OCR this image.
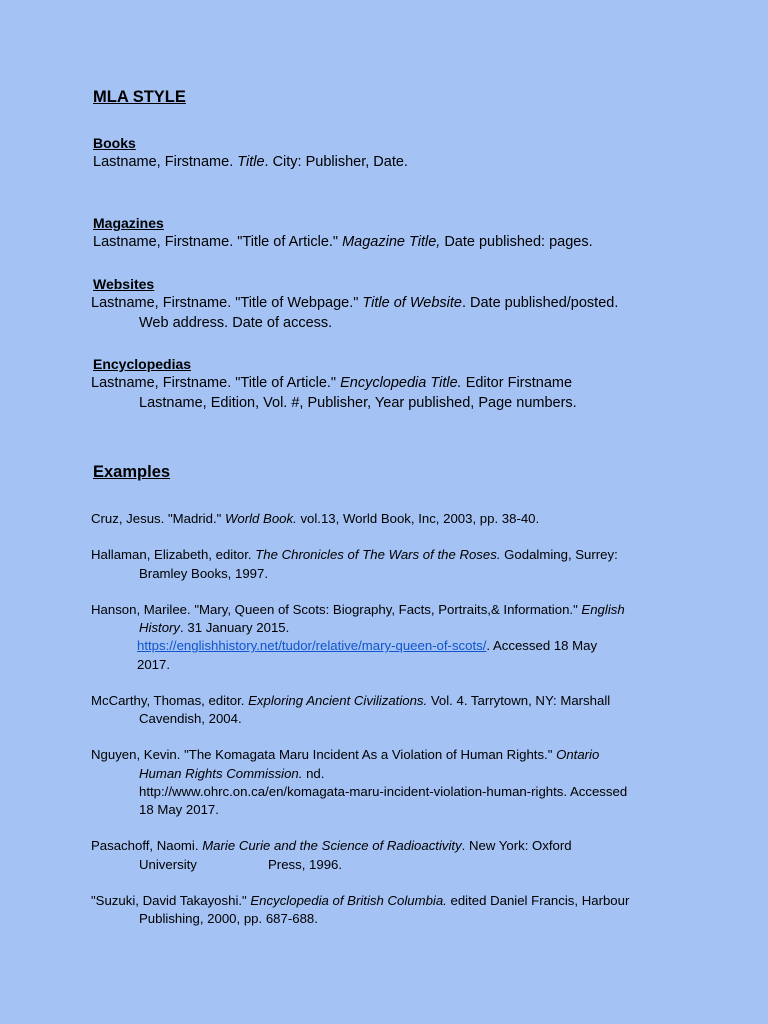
MLA STYLE
Books
Lastname, Firstname. Title. City: Publisher, Date.
Magazines
Lastname, Firstname. "Title of Article." Magazine Title, Date published: pages.
Websites
Lastname, Firstname. "Title of Webpage." Title of Website. Date published/posted.
Web address. Date of access.
Encyclopedias
Lastname, Firstname. "Title of Article." Encyclopedia Title. Editor Firstname
Lastname, Edition, Vol. #, Publisher, Year published, Page numbers.
Examples
Cruz, Jesus. "Madrid." World Book. vol.13, World Book, Inc, 2003, pp. 38-40.
Hallaman, Elizabeth, editor. The Chronicles of The Wars of the Roses. Godalming, Surrey:
Bramley Books, 1997.
Hanson, Marilee. "Mary, Queen of Scots: Biography, Facts, Portraits,& Information." English
History. 31 January 2015.
https://englishhistory.net/tudor/relative/mary-queen-of-scots/. Accessed 18 May
2017.
McCarthy, Thomas, editor. Exploring Ancient Civilizations. Vol. 4. Tarrytown, NY: Marshall
Cavendish, 2004.
Nguyen, Kevin. "The Komagata Maru Incident As a Violation of Human Rights." Ontario
Human Rights Commission. nd.
http://www.ohrc.on.ca/en/komagata-maru-incident-violation-human-rights. Accessed
18 May 2017.
Pasachoff, Naomi. Marie Curie and the Science of Radioactivity. New York: Oxford
University	Press, 1996.
"Suzuki, David Takayoshi." Encyclopedia of British Columbia. edited Daniel Francis, Harbour
Publishing, 2000, pp. 687-688.
